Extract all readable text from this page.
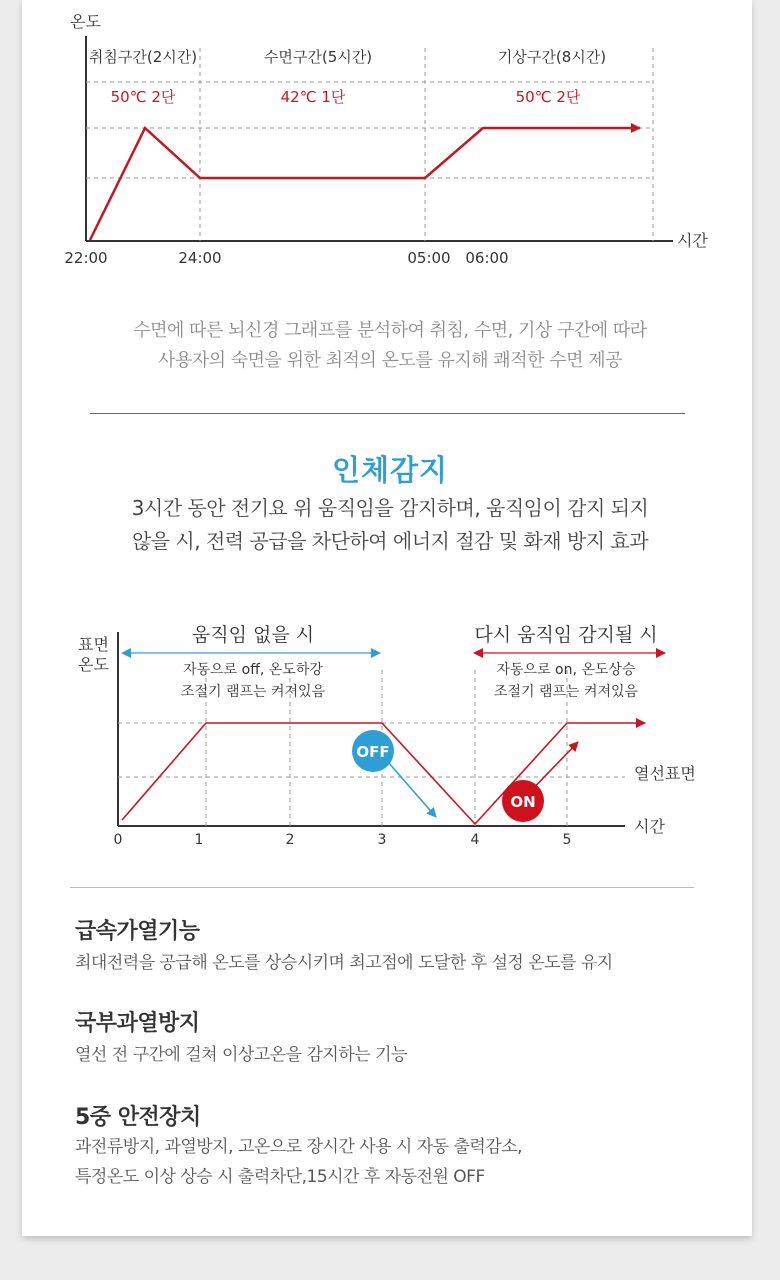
온도
시간
취침구간(2시간)	수면구간(5시간)	기상구간(8시간)
50℃ 2단	42℃ 1단	50℃ 2단
22:00	24:00	05:00 06:00
수면에 따른 뇌신경 그래프를 분석하여 취침, 수면, 기상 구간에 따라
사용자의 숙면을 위한 최적의 온도를 유지해 쾌적한 수면 제공
인체감지
3시간 동안 전기요 위 움직임을 감지하며, 움직임이 감지 되지
않을 시, 전력 공급을 차단하여 에너지 절감 및 화재 방지 효과
표면
온도
시간
움직임 없을 시
자동으로 off, 온도하강
조절기 램프는 켜져있음
다시 움직임 감지될 시
자동으로 on, 온도상승
조절기 램프는 켜져있음
OFF
ON
열선표면
0	1	2	3	4	5
급속가열기능
최대전력을 공급해 온도를 상승시키며 최고점에 도달한 후 설정 온도를 유지
국부과열방지
열선 전 구간에 걸쳐 이상고온을 감지하는 기능
5중 안전장치
과전류방지, 과열방지, 고온으로 장시간 사용 시 자동 출력감소,
특정온도 이상 상승 시 출력차단,15시간 후 자동전원 OFF
